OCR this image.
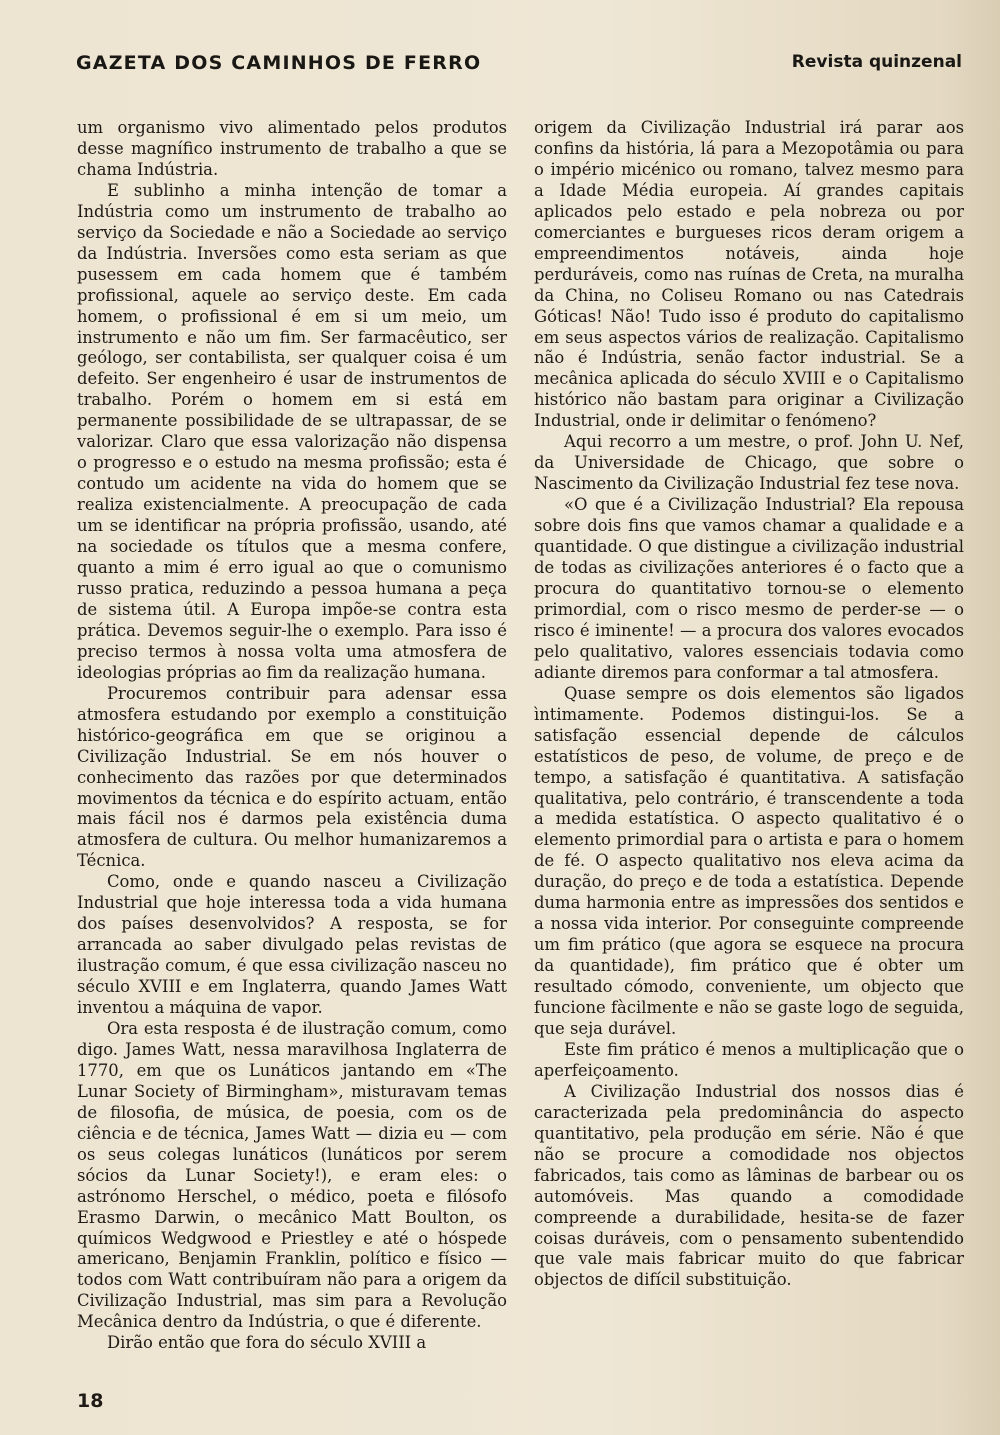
GAZETA DOS CAMINHOS DE FERRO	Revista quinzenal

um organismo vivo alimentado pelos produtos desse magnífico instrumento de trabalho a que se chama Indústria.

E sublinho a minha intenção de tomar a Indústria como um instrumento de trabalho ao serviço da Sociedade e não a Sociedade ao serviço da Indústria. Inversões como esta seriam as que pusessem em cada homem que é também profissional, aquele ao serviço deste. Em cada homem, o profissional é em si um meio, um instrumento e não um fim. Ser farmacêutico, ser geólogo, ser contabilista, ser qualquer coisa é um defeito. Ser engenheiro é usar de instrumentos de trabalho. Porém o homem em si está em permanente possibilidade de se ultrapassar, de se valorizar. Claro que essa valorização não dispensa o progresso e o estudo na mesma profissão; esta é contudo um acidente na vida do homem que se realiza existencialmente. A preocupação de cada um se identificar na própria profissão, usando, até na sociedade os títulos que a mesma confere, quanto a mim é erro igual ao que o comunismo russo pratica, reduzindo a pessoa humana a peça de sistema útil. A Europa impõe-se contra esta prática. Devemos seguir-lhe o exemplo. Para isso é preciso termos à nossa volta uma atmosfera de ideologias próprias ao fim da realização humana.

Procuremos contribuir para adensar essa atmosfera estudando por exemplo a constituição histórico-geográfica em que se originou a Civilização Industrial. Se em nós houver o conhecimento das razões por que determinados movimentos da técnica e do espírito actuam, então mais fácil nos é darmos pela existência duma atmosfera de cultura. Ou melhor humanizaremos a Técnica.

Como, onde e quando nasceu a Civilização Industrial que hoje interessa toda a vida humana dos países desenvolvidos? A resposta, se for arrancada ao saber divulgado pelas revistas de ilustração comum, é que essa civilização nasceu no século XVIII e em Inglaterra, quando James Watt inventou a máquina de vapor.

Ora esta resposta é de ilustração comum, como digo. James Watt, nessa maravilhosa Inglaterra de 1770, em que os Lunáticos jantando em «The Lunar Society of Birmingham», misturavam temas de filosofia, de música, de poesia, com os de ciência e de técnica, James Watt — dizia eu — com os seus colegas lunáticos (lunáticos por serem sócios da Lunar Society!), e eram eles: o astrónomo Herschel, o médico, poeta e filósofo Erasmo Darwin, o mecânico Matt Boulton, os químicos Wedgwood e Priestley e até o hóspede americano, Benjamin Franklin, político e físico — todos com Watt contribuíram não para a origem da Civilização Industrial, mas sim para a Revolução Mecânica dentro da Indústria, o que é diferente.

Dirão então que fora do século XVIII a

origem da Civilização Industrial irá parar aos confins da história, lá para a Mezopotâmia ou para o império micénico ou romano, talvez mesmo para a Idade Média europeia. Aí grandes capitais aplicados pelo estado e pela nobreza ou por comerciantes e burgueses ricos deram origem a empreendimentos notáveis, ainda hoje perduráveis, como nas ruínas de Creta, na muralha da China, no Coliseu Romano ou nas Catedrais Góticas! Não! Tudo isso é produto do capitalismo em seus aspectos vários de realização. Capitalismo não é Indústria, senão factor industrial. Se a mecânica aplicada do século XVIII e o Capitalismo histórico não bastam para originar a Civilização Industrial, onde ir delimitar o fenómeno?

Aqui recorro a um mestre, o prof. John U. Nef, da Universidade de Chicago, que sobre o Nascimento da Civilização Industrial fez tese nova.

«O que é a Civilização Industrial? Ela repousa sobre dois fins que vamos chamar a qualidade e a quantidade. O que distingue a civilização industrial de todas as civilizações anteriores é o facto que a procura do quantitativo tornou-se o elemento primordial, com o risco mesmo de perder-se — o risco é iminente! — a procura dos valores evocados pelo qualitativo, valores essenciais todavia como adiante diremos para conformar a tal atmosfera.

Quase sempre os dois elementos são ligados ìntimamente. Podemos distingui-los. Se a satisfação essencial depende de cálculos estatísticos de peso, de volume, de preço e de tempo, a satisfação é quantitativa. A satisfação qualitativa, pelo contrário, é transcendente a toda a medida estatística. O aspecto qualitativo é o elemento primordial para o artista e para o homem de fé. O aspecto qualitativo nos eleva acima da duração, do preço e de toda a estatística. Depende duma harmonia entre as impressões dos sentidos e a nossa vida interior. Por conseguinte compreende um fim prático (que agora se esquece na procura da quantidade), fim prático que é obter um resultado cómodo, conveniente, um objecto que funcione fàcilmente e não se gaste logo de seguida, que seja durável.

Este fim prático é menos a multiplicação que o aperfeiçoamento.

A Civilização Industrial dos nossos dias é caracterizada pela predominância do aspecto quantitativo, pela produção em série. Não é que não se procure a comodidade nos objectos fabricados, tais como as lâminas de barbear ou os automóveis. Mas quando a comodidade compreende a durabilidade, hesita-se de fazer coisas duráveis, com o pensamento subentendido que vale mais fabricar muito do que fabricar objectos de difícil substituição.

18
